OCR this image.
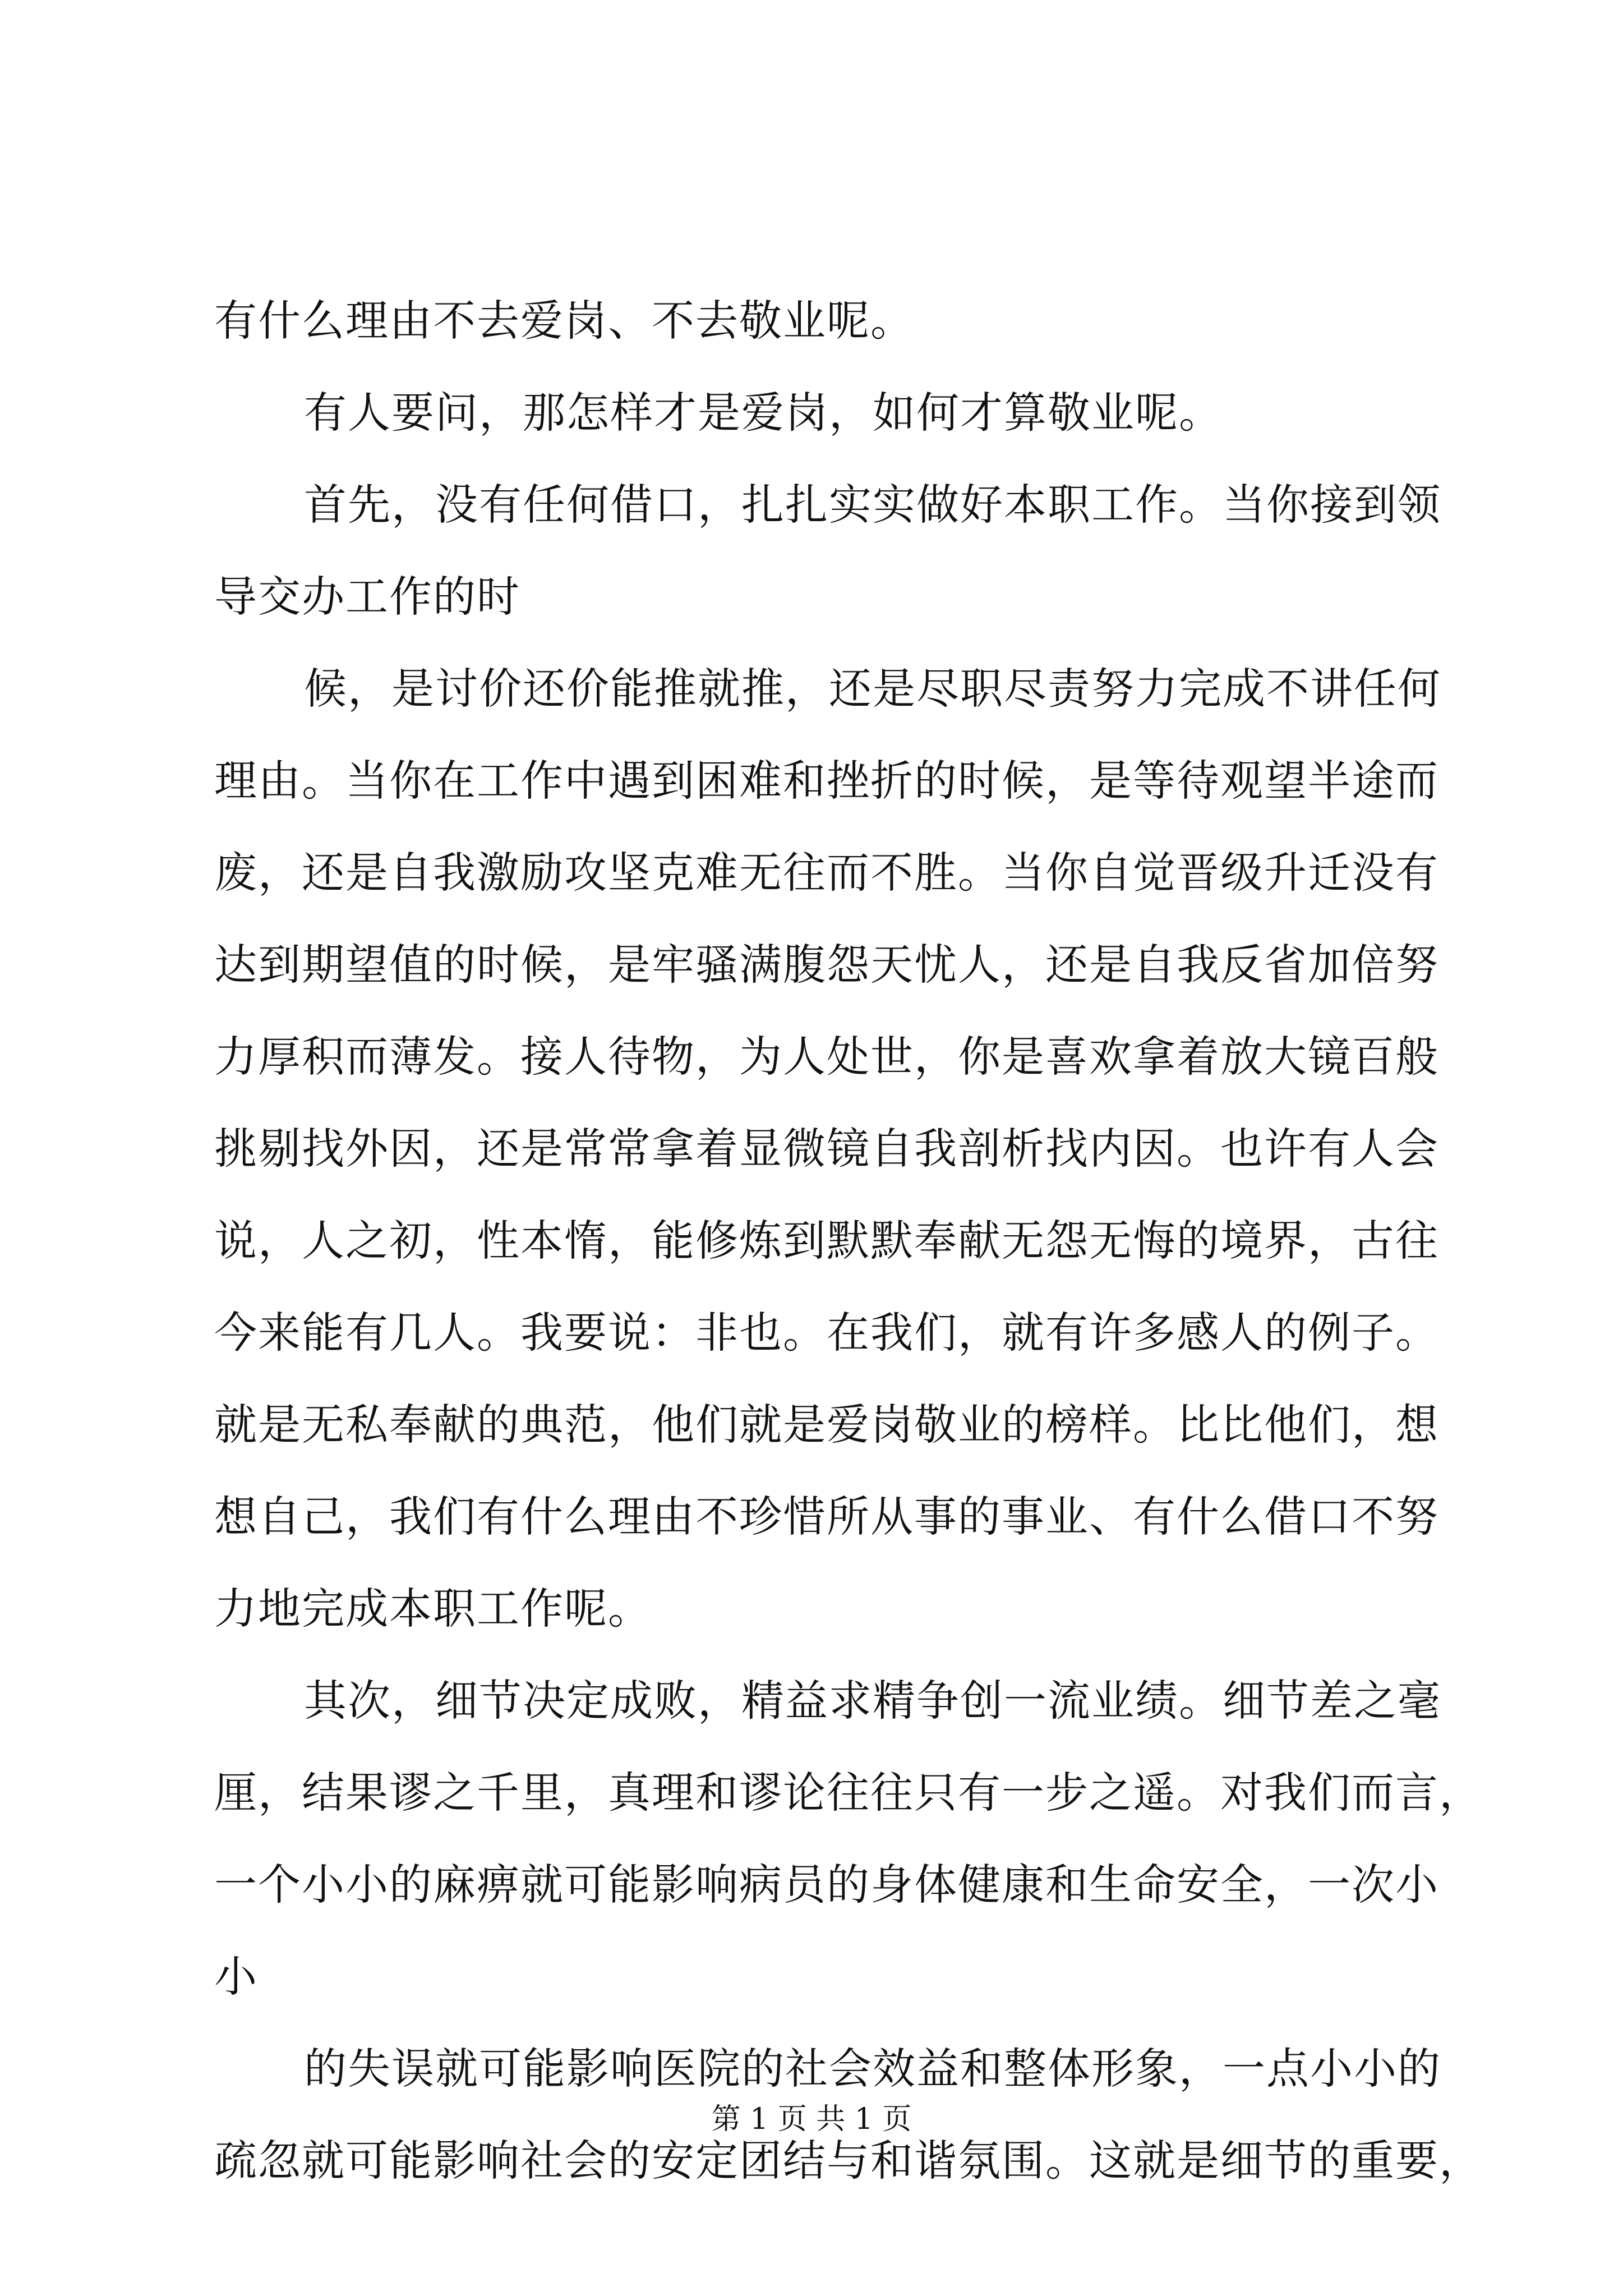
有什么理由不去爱岗、不去敬业呢。
有人要问，那怎样才是爱岗，如何才算敬业呢。
首先，没有任何借口，扎扎实实做好本职工作。当你接到领
导交办工作的时
候，是讨价还价能推就推，还是尽职尽责努力完成不讲任何
理由。当你在工作中遇到困难和挫折的时候，是等待观望半途而
废，还是自我激励攻坚克难无往而不胜。当你自觉晋级升迁没有
达到期望值的时候，是牢骚满腹怨天忧人，还是自我反省加倍努
力厚积而薄发。接人待物，为人处世，你是喜欢拿着放大镜百般
挑剔找外因，还是常常拿着显微镜自我剖析找内因。也许有人会
说，人之初，性本惰，能修炼到默默奉献无怨无悔的境界，古往
今来能有几人。我要说：非也。在我们，就有许多感人的例子。
就是无私奉献的典范，他们就是爱岗敬业的榜样。比比他们，想
想自己，我们有什么理由不珍惜所从事的事业、有什么借口不努
力地完成本职工作呢。
其次，细节决定成败，精益求精争创一流业绩。细节差之毫
厘，结果谬之千里，真理和谬论往往只有一步之遥。对我们而言，
一个小小的麻痹就可能影响病员的身体健康和生命安全，一次小
小
的失误就可能影响医院的社会效益和整体形象，一点小小的
疏忽就可能影响社会的安定团结与和谐氛围。这就是细节的重要，
第 1 页 共 1 页
